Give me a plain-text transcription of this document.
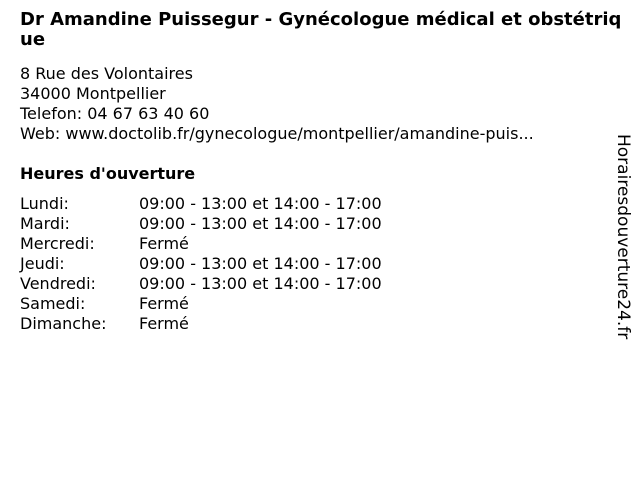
Dr Amandine Puissegur - Gynécologue médical et obstétrique
8 Rue des Volontaires
34000 Montpellier
Telefon: 04 67 63 40 60
Web: www.doctolib.fr/gynecologue/montpellier/amandine-puis...
Heures d'ouverture
Lundi:	09:00 - 13:00 et 14:00 - 17:00
Mardi:	09:00 - 13:00 et 14:00 - 17:00
Mercredi:	Fermé
Jeudi:	09:00 - 13:00 et 14:00 - 17:00
Vendredi:	09:00 - 13:00 et 14:00 - 17:00
Samedi:	Fermé
Dimanche: Fermé	Horairesdouverture24.fr
